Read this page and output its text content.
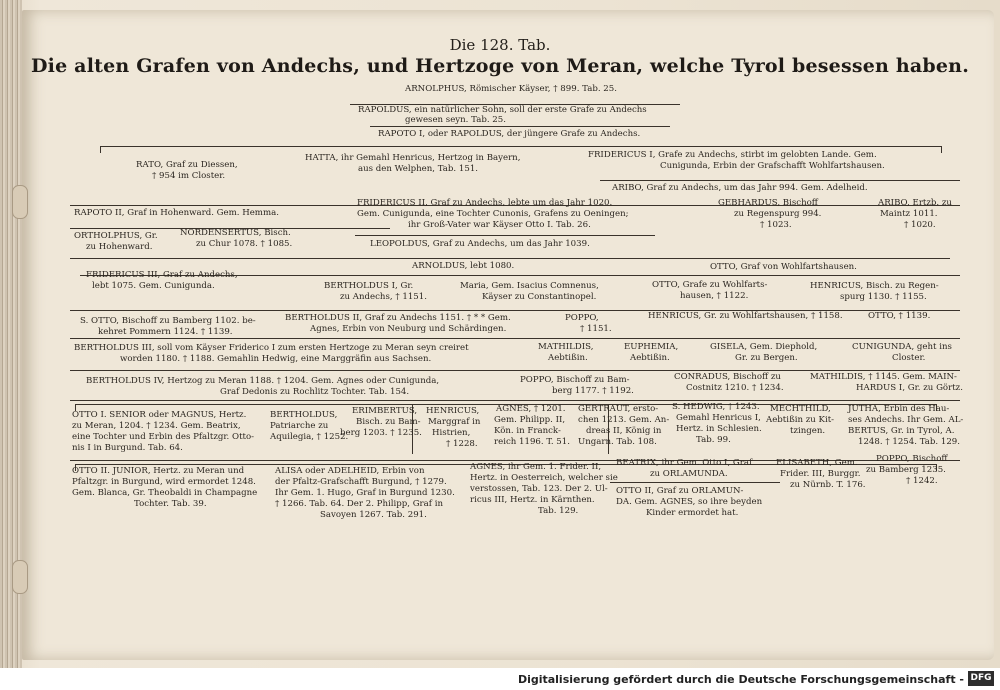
Die 128. Tab.
Die alten Grafen von Andechs, und Hertzoge von Meran, welche Tyrol besessen haben.
ARNOLPHUS, Römischer Käyser, † 899. Tab. 25.
RAPOLDUS, ein natürlicher Sohn, soll der erste Grafe zu Andechs
gewesen seyn. Tab. 25.
RAPOTO I, oder RAPOLDUS, der jüngere Grafe zu Andechs.
RATO, Graf zu Diessen,
† 954 im Closter.
HATTA, ihr Gemahl Henricus, Hertzog in Bayern,
aus den Welphen, Tab. 151.
FRIDERICUS I, Grafe zu Andechs, stirbt im gelobten Lande. Gem.
Cunigunda, Erbin der Grafschafft Wohlfartshausen.
ARIBO, Graf zu Andechs, um das Jahr 994. Gem. Adelheid.
RAPOTO II, Graf in Hohenward. Gem. Hemma.
ORTHOLPHUS, Gr.
zu Hohenward.
NORDENSERTUS, Bisch.
zu Chur 1078. † 1085.
FRIDERICUS II, Graf zu Andechs, lebte um das Jahr 1020.
Gem. Cunigunda, eine Tochter Cunonis, Grafens zu Oeningen;
ihr Groß-Vater war Käyser Otto I. Tab. 26.
GEBHARDUS, Bischoff
zu Regenspurg 994.
† 1023.
ARIBO, Ertzb. zu
Maintz 1011.
† 1020.
LEOPOLDUS, Graf zu Andechs, um das Jahr 1039.
ARNOLDUS, lebt 1080.	OTTO, Graf von Wohlfartshausen.
FRIDERICUS III, Graf zu Andechs,
lebt 1075. Gem. Cunigunda.	BERTHOLDUS I, Gr.
zu Andechs, † 1151.
Maria, Gem. Isacius Comnenus,
Käyser zu Constantinopel.
OTTO, Grafe zu Wohlfarts-
hausen, † 1122.
HENRICUS, Bisch. zu Regen-
spurg 1130. † 1155.
S. OTTO, Bischoff zu Bamberg 1102. be-
kehret Pommern 1124. † 1139.
BERTHOLDUS II, Graf zu Andechs 1151. † * * Gem.
Agnes, Erbin von Neuburg und Schärdingen.
POPPO,
† 1151.
HENRICUS, Gr. zu Wohlfartshausen, † 1158.	OTTO, † 1139.
BERTHOLDUS III, soll vom Käyser Friderico I zum ersten Hertzoge zu Meran seyn creiret
worden 1180. † 1188. Gemahlin Hedwig, eine Marggräfin aus Sachsen.
MATHILDIS,
Aebtißin.
EUPHEMIA,
Aebtißin.
GISELA, Gem. Diephold,
Gr. zu Bergen.
CUNIGUNDA, geht ins
Closter.
BERTHOLDUS IV, Hertzog zu Meran 1188. † 1204. Gem. Agnes oder Cunigunda,
Graf Dedonis zu Rochlitz Tochter. Tab. 154.
POPPO, Bischoff zu Bam-
berg 1177. † 1192.
CONRADUS, Bischoff zu
Costnitz 1210. † 1234.
MATHILDIS, † 1145. Gem. MAIN-
HARDUS I, Gr. zu Görtz.
OTTO I. SENIOR oder MAGNUS, Hertz.
zu Meran, 1204. † 1234. Gem. Beatrix,
eine Tochter und Erbin des Pfaltzgr. Otto-
nis I in Burgund. Tab. 64.
BERTHOLDUS,
Patriarche zu
Aquilegia, † 1252.
ERIMBERTUS,
Bisch. zu Bam-
berg 1203. † 1235.
HENRICUS,
Marggraf in
Histrien,
† 1228.
AGNES, † 1201.
Gem. Philipp. II,
Kön. in Franck-
reich 1196. T. 51.
GERTRAUT, ersto-
chen 1213. Gem. An-
dreas II, König in
Ungarn. Tab. 108.
S. HEDWIG, † 1243.
Gemahl Henricus I,
Hertz. in Schlesien.
Tab. 99.
MECHTHILD,
Aebtißin zu Kit-
tzingen.
JUTHA, Erbin des Hau-
ses Andechs. Ihr Gem. AL-
BERTUS, Gr. in Tyrol, A.
1248. † 1254. Tab. 129.
OTTO II. JUNIOR, Hertz. zu Meran und
Pfaltzgr. in Burgund, wird ermordet 1248.
Gem. Blanca, Gr. Theobaldi in Champagne
Tochter. Tab. 39.
ALISA oder ADELHEID, Erbin von
der Pfaltz-Grafschafft Burgund, † 1279.
Ihr Gem. 1. Hugo, Graf in Burgund 1230.
† 1266. Tab. 64. Der 2. Philipp, Graf in
Savoyen 1267. Tab. 291.
AGNES, ihr Gem. 1. Frider. II,
Hertz. in Oesterreich, welcher sie
verstossen, Tab. 123. Der 2. Ul-
ricus III, Hertz. in Kärnthen.
Tab. 129.
BEATRIX, ihr Gem. Otto I, Graf
zu ORLAMUNDA.
OTTO II, Graf zu ORLAMUN-
DA. Gem. AGNES, so ihre beyden
Kinder ermordet hat.
ELISABETH, Gem.
Frider. III, Burggr.
zu Nürnb. T. 176.
POPPO, Bischoff
zu Bamberg 1235.
† 1242.
Digitalisierung gefördert durch die Deutsche Forschungsgemeinschaft - DFG
